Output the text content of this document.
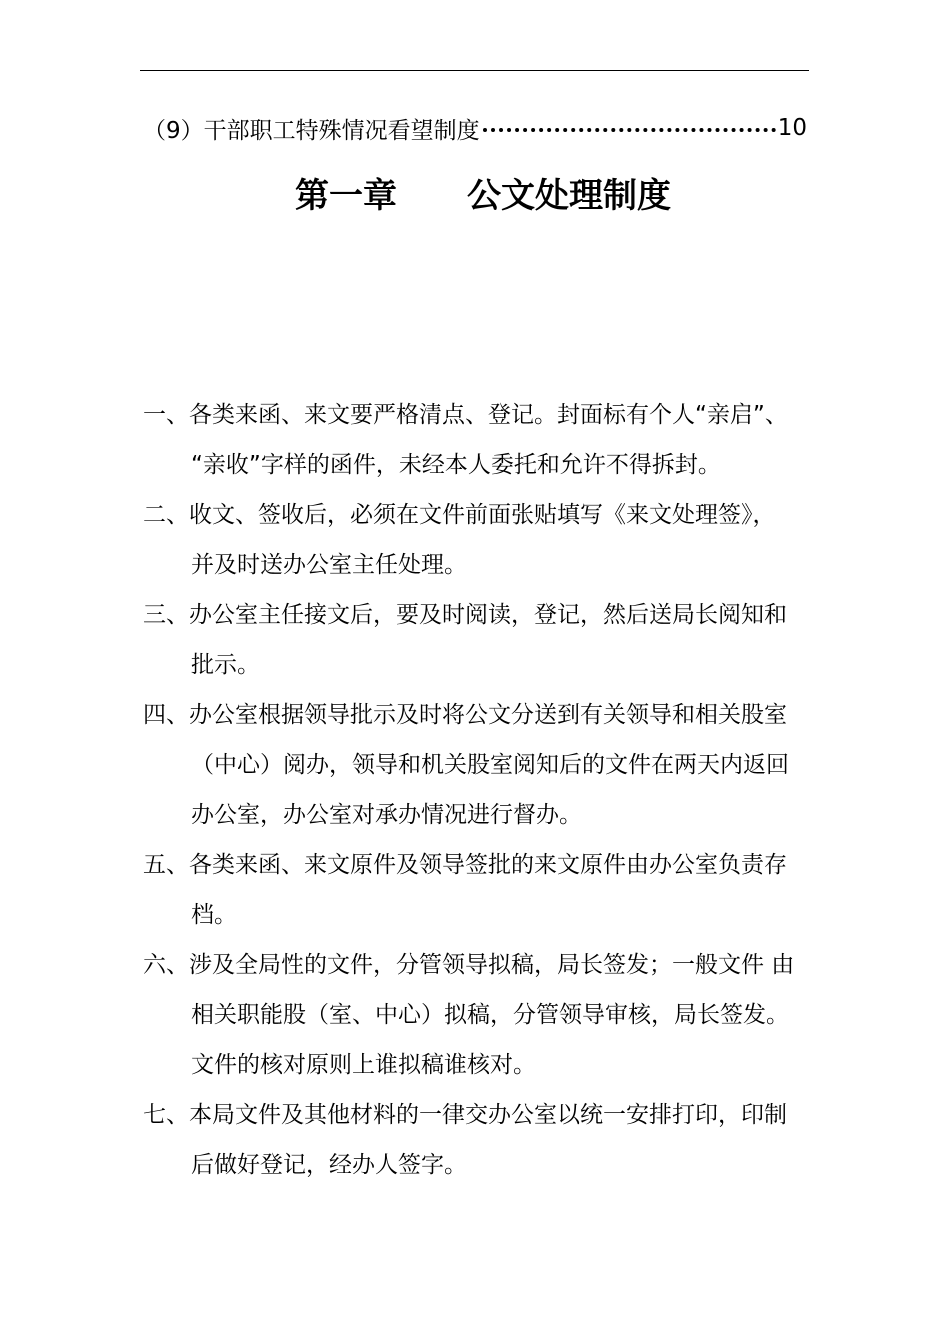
（9）干部职工特殊情况看望制度	10
第一章 公文处理制度
一、各类来函、来文要严格清点、登记。封面标有个人“亲启”、
“亲收”字样的函件，未经本人委托和允许不得拆封。
二、收文、签收后，必须在文件前面张贴填写《来文处理签》，
并及时送办公室主任处理。
三、办公室主任接文后，要及时阅读，登记，然后送局长阅知和
批示。
四、办公室根据领导批示及时将公文分送到有关领导和相关股室
（中心）阅办，领导和机关股室阅知后的文件在两天内返回
办公室，办公室对承办情况进行督办。
五、各类来函、来文原件及领导签批的来文原件由办公室负责存
档。
六、涉及全局性的文件，分管领导拟稿，局长签发；一般文件 由
相关职能股（室、中心）拟稿，分管领导审核，局长签发。
文件的核对原则上谁拟稿谁核对。
七、本局文件及其他材料的一律交办公室以统一安排打印，印制
后做好登记，经办人签字。
